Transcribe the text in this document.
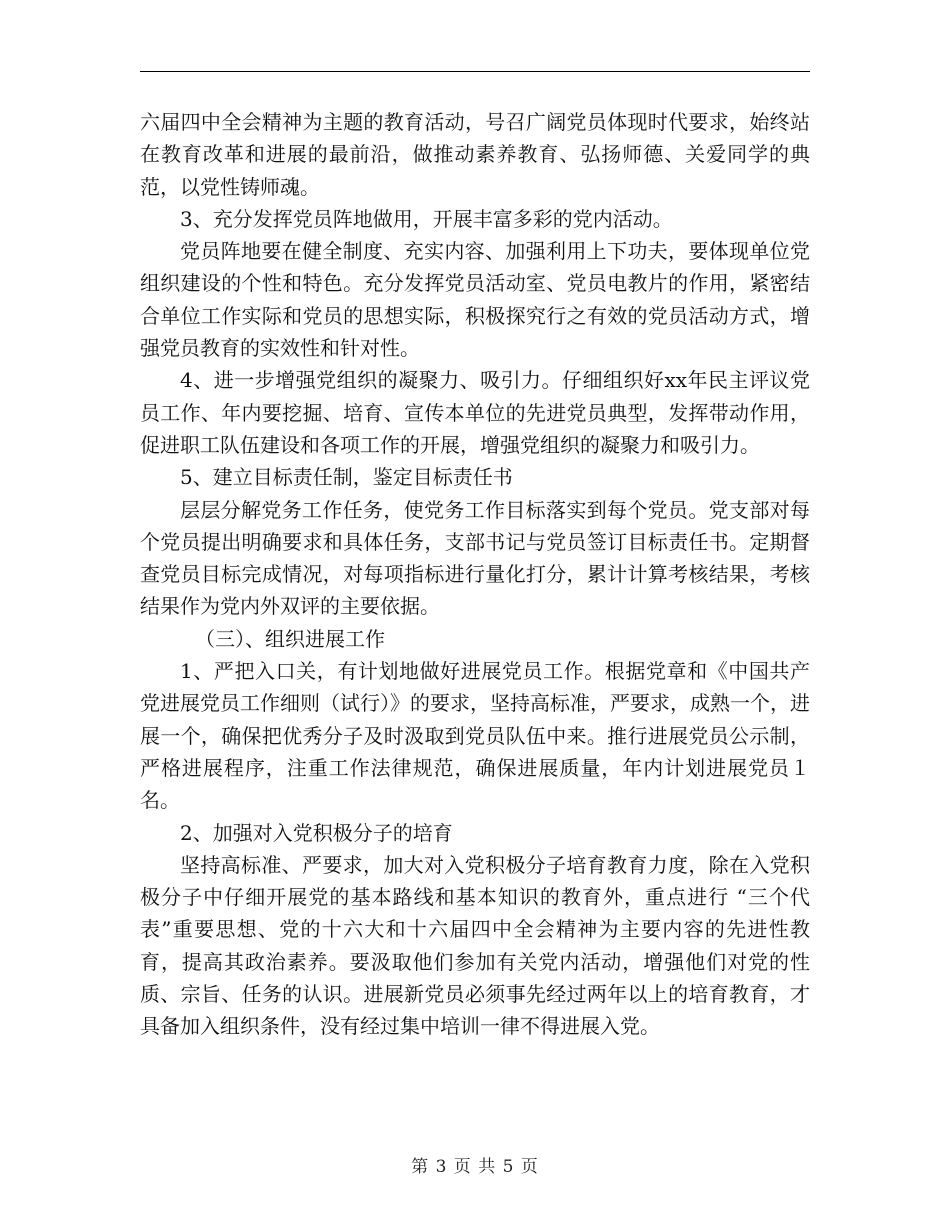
六届四中全会精神为主题的教育活动，号召广阔党员体现时代要求，始终站在教育改革和进展的最前沿，做推动素养教育、弘扬师德、关爱同学的典范，以党性铸师魂。

3、充分发挥党员阵地做用，开展丰富多彩的党内活动。

党员阵地要在健全制度、充实内容、加强利用上下功夫，要体现单位党组织建设的个性和特色。充分发挥党员活动室、党员电教片的作用，紧密结合单位工作实际和党员的思想实际，积极探究行之有效的党员活动方式，增强党员教育的实效性和针对性。

4、进一步增强党组织的凝聚力、吸引力。仔细组织好xx年民主评议党员工作、年内要挖掘、培育、宣传本单位的先进党员典型，发挥带动作用，促进职工队伍建设和各项工作的开展，增强党组织的凝聚力和吸引力。

5、建立目标责任制，鉴定目标责任书

层层分解党务工作任务，使党务工作目标落实到每个党员。党支部对每个党员提出明确要求和具体任务，支部书记与党员签订目标责任书。定期督查党员目标完成情况，对每项指标进行量化打分，累计计算考核结果，考核结果作为党内外双评的主要依据。

（三）、组织进展工作

1、严把入口关，有计划地做好进展党员工作。根据党章和《中国共产党进展党员工作细则（试行）》的要求，坚持高标准，严要求，成熟一个，进展一个，确保把优秀分子及时汲取到党员队伍中来。推行进展党员公示制，严格进展程序，注重工作法律规范，确保进展质量，年内计划进展党员１名。

2、加强对入党积极分子的培育

坚持高标准、严要求，加大对入党积极分子培育教育力度，除在入党积极分子中仔细开展党的基本路线和基本知识的教育外，重点进行 “三个代表”重要思想、党的十六大和十六届四中全会精神为主要内容的先进性教育，提高其政治素养。要汲取他们参加有关党内活动，增强他们对党的性质、宗旨、任务的认识。进展新党员必须事先经过两年以上的培育教育，才具备加入组织条件，没有经过集中培训一律不得进展入党。

第 3 页 共 5 页
